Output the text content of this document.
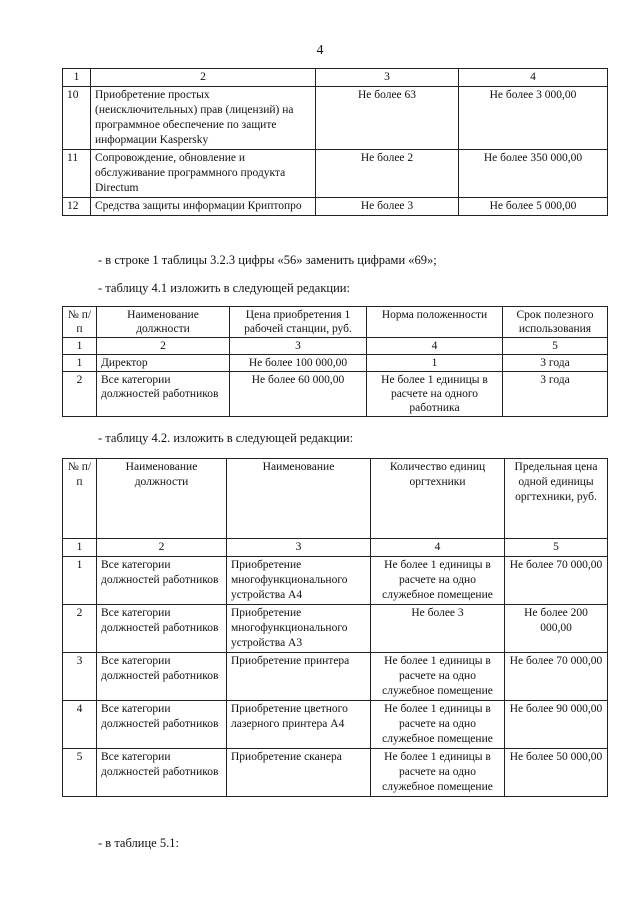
4
1	2	3	4
10	Приобретение простых (неисключительных) прав (лицензий) на программное обеспечение по защите информации Kaspersky	Не более 63	Не более 3 000,00
11	Сопровождение, обновление и обслуживание программного продукта Directum	Не более 2	Не более 350 000,00
12	Средства защиты информации Криптопро	Не более 3	Не более 5 000,00
- в строке 1 таблицы 3.2.3 цифры «56» заменить цифрами «69»;
- таблицу 4.1 изложить в следующей редакции:
№ п/п	Наименование должности	Цена приобретения 1 рабочей станции, руб.	Норма положенности	Срок полезного использования
1	2	3	4	5
1	Директор	Не более 100 000,00	1	3 года
2	Все категории должностей работников	Не более 60 000,00	Не более 1 единицы в расчете на одного работника	3 года
- таблицу 4.2. изложить в следующей редакции:
№ п/п	Наименование должности	Наименование	Количество единиц оргтехники	Предельная цена одной единицы оргтехники, руб.
1	2	3	4	5
1	Все категории должностей работников	Приобретение многофункционального устройства А4	Не более 1 единицы в расчете на одно служебное помещение	Не более 70 000,00
2	Все категории должностей работников	Приобретение многофункционального устройства А3	Не более 3	Не более 200 000,00
3	Все категории должностей работников	Приобретение принтера	Не более 1 единицы в расчете на одно служебное помещение	Не более 70 000,00
4	Все категории должностей работников	Приобретение цветного лазерного принтера А4	Не более 1 единицы в расчете на одно служебное помещение	Не более 90 000,00
5	Все категории должностей работников	Приобретение сканера	Не более 1 единицы в расчете на одно служебное помещение	Не более 50 000,00
- в таблице 5.1:
